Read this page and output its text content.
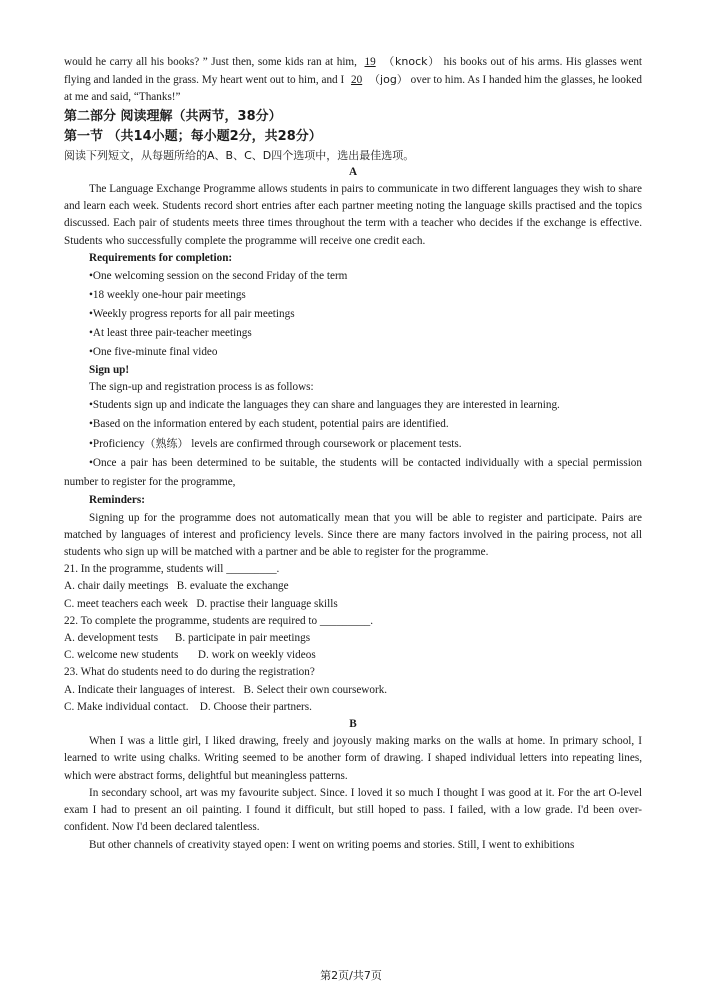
would he carry all his books? ” Just then, some kids ran at him, 19 （knock） his books out of his arms. His glasses went flying and landed in the grass. My heart went out to him, and I 20 （jog） over to him. As I handed him the glasses, he looked at me and said, “Thanks!”

第二部分 阅读理解（共两节，38分）
第一节 （共14小题；每小题2分，共28分）

阅读下列短文，从每题所给的A、B、C、D四个选项中，选出最佳选项。

A

The Language Exchange Programme allows students in pairs to communicate in two different languages they wish to share and learn each week. Students record short entries after each partner meeting noting the language skills practised and the topics discussed. Each pair of students meets three times throughout the term with a teacher who decides if the exchange is effective. Students who successfully complete the programme will receive one credit each.

Requirements for completion:

•One welcoming session on the second Friday of the term

•18 weekly one-hour pair meetings

•Weekly progress reports for all pair meetings

•At least three pair-teacher meetings

•One five-minute final video

Sign up!

The sign-up and registration process is as follows:

•Students sign up and indicate the languages they can share and languages they are interested in learning.

•Based on the information entered by each student, potential pairs are identified.

•Proficiency（熟练） levels are confirmed through coursework or placement tests.

•Once a pair has been determined to be suitable, the students will be contacted individually with a special permission number to register for the programme,

Reminders:

Signing up for the programme does not automatically mean that you will be able to register and participate. Pairs are matched by languages of interest and proficiency levels. Since there are many factors involved in the pairing process, not all students who sign up will be matched with a partner and be able to register for the programme.

21. In the programme, students will _________.

A. chair daily meetings   B. evaluate the exchange

C. meet teachers each week   D. practise their language skills

22. To complete the programme, students are required to _________.

A. development tests      B. participate in pair meetings

C. welcome new students       D. work on weekly videos

23. What do students need to do during the registration?

A. Indicate their languages of interest.   B. Select their own coursework.

C. Make individual contact.    D. Choose their partners.

B

When I was a little girl, I liked drawing, freely and joyously making marks on the walls at home. In primary school, I learned to write using chalks. Writing seemed to be another form of drawing. I shaped individual letters into repeating lines, which were abstract forms, delightful but meaningless patterns.

In secondary school, art was my favourite subject. Since. I loved it so much I thought I was good at it. For the art O-level exam I had to present an oil painting. I found it difficult, but still hoped to pass. I failed, with a low grade. I'd been over-confident. Now I'd been declared talentless.

But other channels of creativity stayed open: I went on writing poems and stories. Still, I went to exhibitions

第2页/共7页
